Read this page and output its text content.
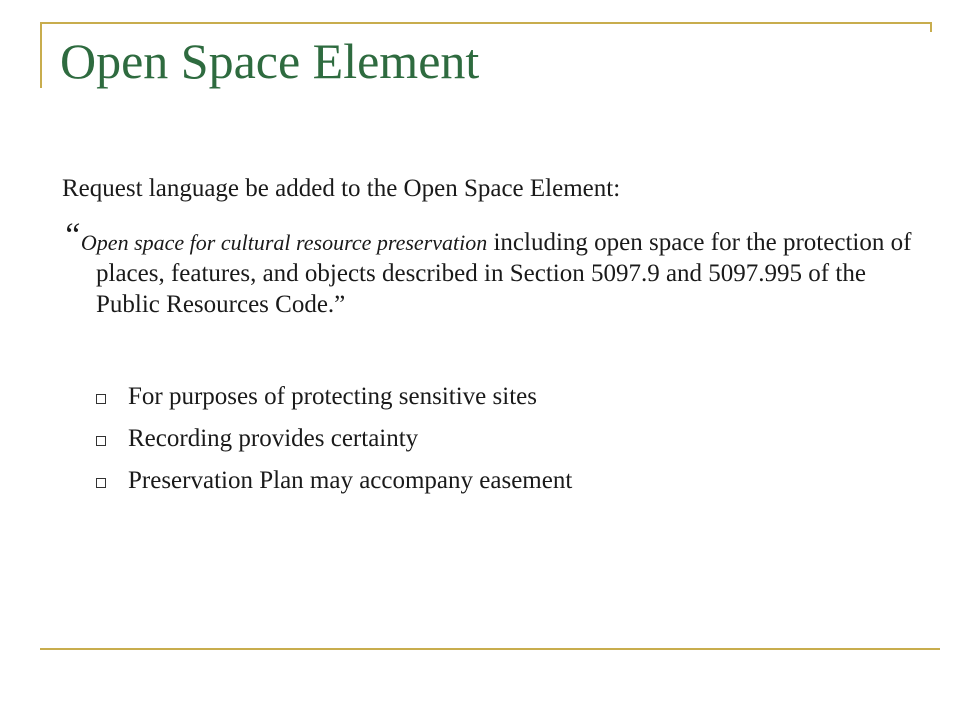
Open Space Element

Request language be added to the Open Space Element:

“Open space for cultural resource preservation including open space for the protection of places, features, and objects described in Section 5097.9 and 5097.995 of the Public Resources Code.”

For purposes of protecting sensitive sites
Recording provides certainty
Preservation Plan may accompany easement
